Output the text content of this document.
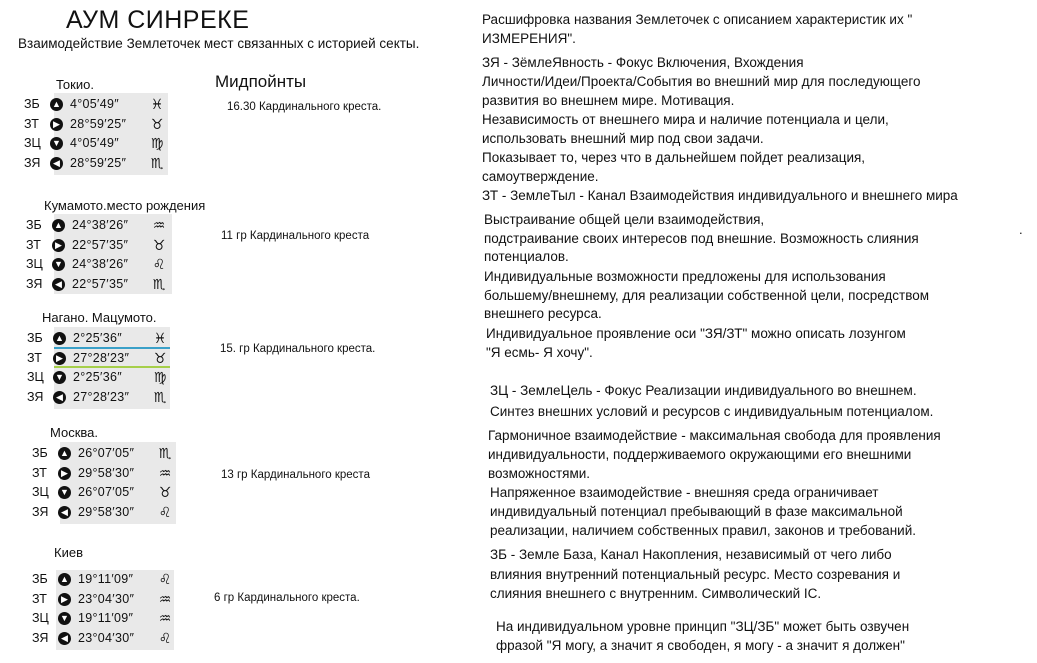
АУМ СИНРЕКЕ
Взаимодействие Землеточек мест связанных с историей секты.
Мидпойнты
Токио.
ЗБ	▲ 4°05′49″	♓
ЗТ	▶ 28°59′25″	♉
ЗЦ	▼ 4°05′49″	♍
ЗЯ	◀ 28°59′25″	♏
16.30 Кардинального креста.
Кумамото.место рождения
ЗБ	▲ 24°38′26″	♒
ЗТ	▶ 22°57′35″	♉
ЗЦ	▼ 24°38′26″	♌
ЗЯ	◀ 22°57′35″	♏
11 гр Кардинального креста
Нагано. Мацумото.
ЗБ	▲ 2°25′36″	♓
ЗТ	▶ 27°28′23″	♉
ЗЦ	▼ 2°25′36″	♍
ЗЯ	◀ 27°28′23″	♏
15. гр Кардинального креста.
Москва.
ЗБ	▲ 26°07′05″	♏
ЗТ	▶ 29°58′30″	♒
ЗЦ	▼ 26°07′05″	♉
ЗЯ	◀ 29°58′30″	♌
13 гр Кардинального креста
Киев
ЗБ	▲ 19°11′09″	♌
ЗТ	▶ 23°04′30″	♒
ЗЦ	▼ 19°11′09″	♒
ЗЯ	◀ 23°04′30″	♌
6 гр Кардинального креста.
Расшифровка названия Землеточек с описанием характеристик их "
ИЗМЕРЕНИЯ".
ЗЯ - ЗёмлеЯвность - Фокус Включения, Вхождения
Личности/Идеи/Проекта/События во внешний мир для последующего
развития во внешнем мире. Мотивация.
Независимость от внешнего мира и наличие потенциала и цели,
использовать внешний мир под свои задачи.
Показывает то, через что в дальнейшем пойдет реализация,
самоутверждение.
ЗТ - ЗемлеТыл - Канал Взаимодействия индивидуального и внешнего мира
Выстраивание общей цели взаимодействия,
подстраивание своих интересов под внешние. Возможность слияния
потенциалов.
Индивидуальные возможности предложены для использования
большему/внешнему, для реализации собственной цели, посредством
внешнего ресурса.
Индивидуальное проявление оси "ЗЯ/ЗТ" можно описать лозунгом
"Я есмь- Я хочу".
ЗЦ - ЗемлеЦель - Фокус Реализации индивидуального во внешнем.
Синтез внешних условий и ресурсов с индивидуальным потенциалом.
Гармоничное взаимодействие - максимальная свобода для проявления
индивидуальности, поддерживаемого окружающими его внешними
возможностями.
Напряженное взаимодействие - внешняя среда ограничивает
индивидуальный потенциал пребывающий в фазе максимальной
реализации, наличием собственных правил, законов и требований.
ЗБ - Земле База, Канал Накопления, независимый от чего либо
влияния внутренний потенциальный ресурс. Место созревания и
слияния внешнего с внутренним. Символический IC.
На индивидуальном уровне принцип "ЗЦ/ЗБ" может быть озвучен
фразой "Я могу, а значит я свободен, я могу - а значит я должен"
.
